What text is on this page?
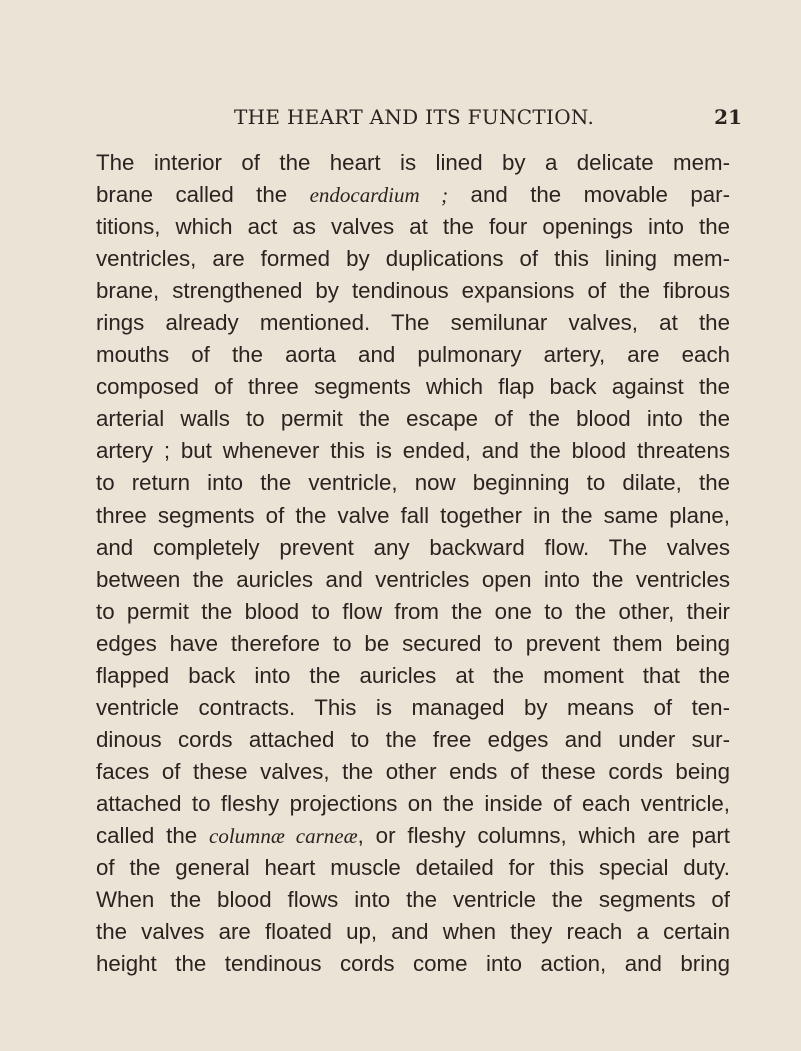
THE HEART AND ITS FUNCTION.	21
The interior of the heart is lined by a delicate mem-
brane called the endocardium ; and the movable par-
titions, which act as valves at the four openings into the
ventricles, are formed by duplications of this lining mem-
brane, strengthened by tendinous expansions of the fibrous
rings already mentioned. The semilunar valves, at the
mouths of the aorta and pulmonary artery, are each
composed of three segments which flap back against the
arterial walls to permit the escape of the blood into the
artery ; but whenever this is ended, and the blood threatens
to return into the ventricle, now beginning to dilate, the
three segments of the valve fall together in the same plane,
and completely prevent any backward flow. The valves
between the auricles and ventricles open into the ventricles
to permit the blood to flow from the one to the other, their
edges have therefore to be secured to prevent them being
flapped back into the auricles at the moment that the
ventricle contracts. This is managed by means of ten-
dinous cords attached to the free edges and under sur-
faces of these valves, the other ends of these cords being
attached to fleshy projections on the inside of each ventricle,
called the columnæ carneæ, or fleshy columns, which are part
of the general heart muscle detailed for this special duty.
When the blood flows into the ventricle the segments of
the valves are floated up, and when they reach a certain
height the tendinous cords come into action, and bring
